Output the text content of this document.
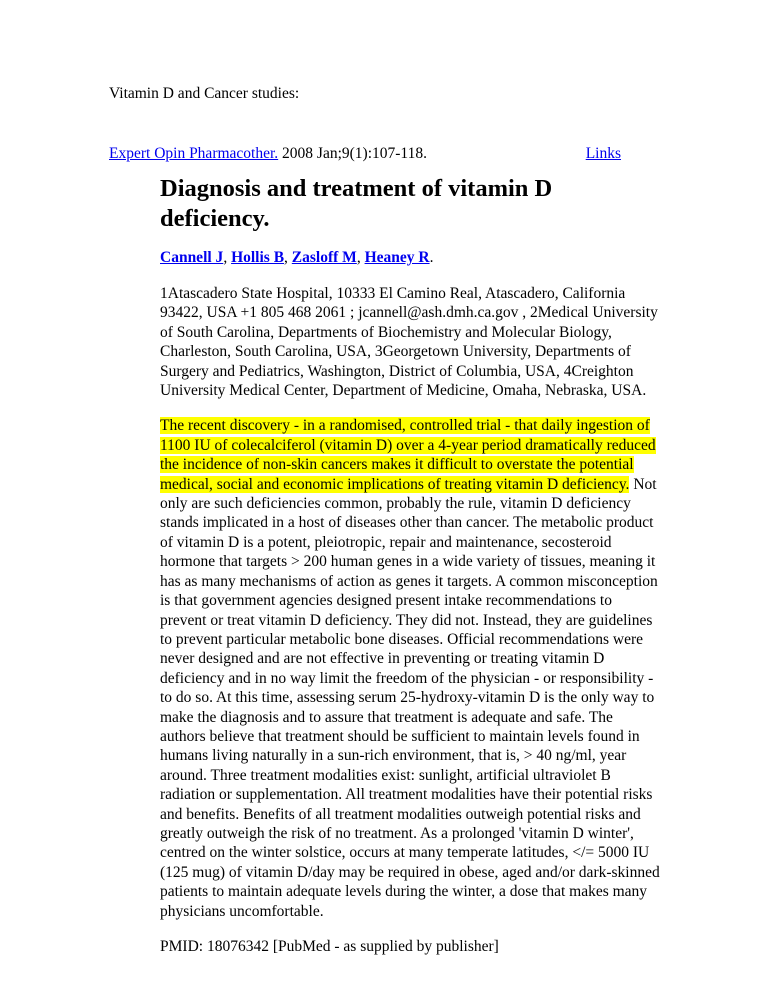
Vitamin D and Cancer studies:

Expert Opin Pharmacother. 2008 Jan;9(1):107-118.	Links
Diagnosis and treatment of vitamin D deficiency.

Cannell J, Hollis B, Zasloff M, Heaney R.

1Atascadero State Hospital, 10333 El Camino Real, Atascadero, California 93422, USA +1 805 468 2061 ; jcannell@ash.dmh.ca.gov , 2Medical University of South Carolina, Departments of Biochemistry and Molecular Biology, Charleston, South Carolina, USA, 3Georgetown University, Departments of Surgery and Pediatrics, Washington, District of Columbia, USA, 4Creighton University Medical Center, Department of Medicine, Omaha, Nebraska, USA.

The recent discovery - in a randomised, controlled trial - that daily ingestion of 1100 IU of colecalciferol (vitamin D) over a 4-year period dramatically reduced the incidence of non-skin cancers makes it difficult to overstate the potential medical, social and economic implications of treating vitamin D deficiency. Not only are such deficiencies common, probably the rule, vitamin D deficiency stands implicated in a host of diseases other than cancer. The metabolic product of vitamin D is a potent, pleiotropic, repair and maintenance, secosteroid hormone that targets > 200 human genes in a wide variety of tissues, meaning it has as many mechanisms of action as genes it targets. A common misconception is that government agencies designed present intake recommendations to prevent or treat vitamin D deficiency. They did not. Instead, they are guidelines to prevent particular metabolic bone diseases. Official recommendations were never designed and are not effective in preventing or treating vitamin D deficiency and in no way limit the freedom of the physician - or responsibility - to do so. At this time, assessing serum 25-hydroxy-vitamin D is the only way to make the diagnosis and to assure that treatment is adequate and safe. The authors believe that treatment should be sufficient to maintain levels found in humans living naturally in a sun-rich environment, that is, > 40 ng/ml, year around. Three treatment modalities exist: sunlight, artificial ultraviolet B radiation or supplementation. All treatment modalities have their potential risks and benefits. Benefits of all treatment modalities outweigh potential risks and greatly outweigh the risk of no treatment. As a prolonged 'vitamin D winter', centred on the winter solstice, occurs at many temperate latitudes, </= 5000 IU (125 mug) of vitamin D/day may be required in obese, aged and/or dark-skinned patients to maintain adequate levels during the winter, a dose that makes many physicians uncomfortable.

PMID: 18076342 [PubMed - as supplied by publisher]
